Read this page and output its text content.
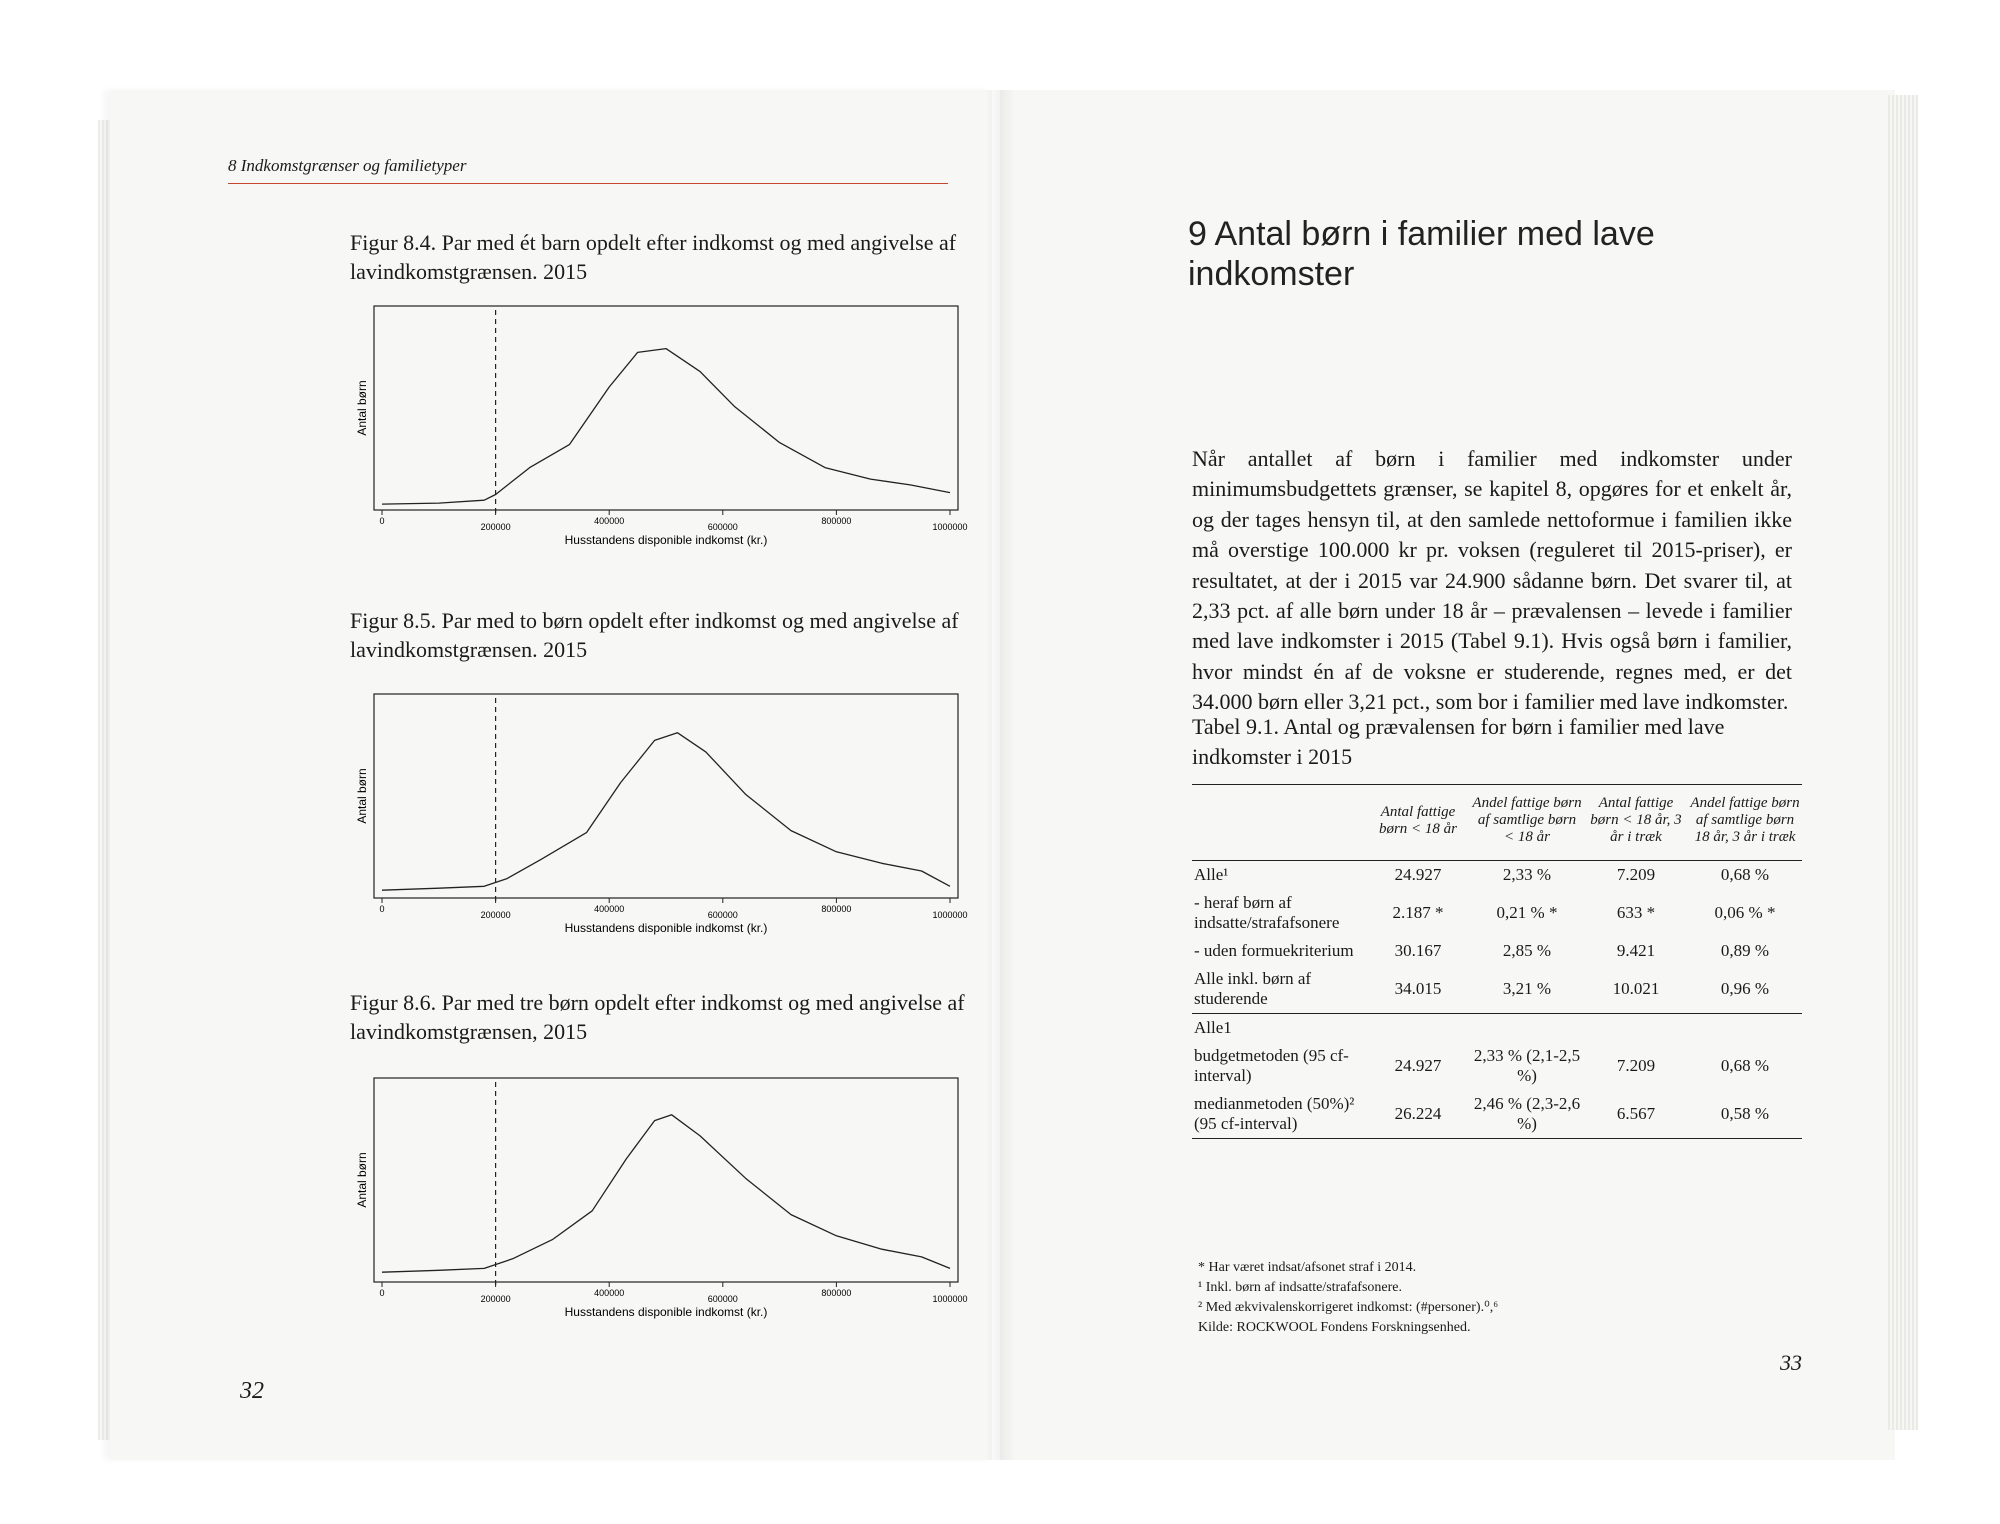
8 Indkomstgrænser og familietyper
Figur 8.4. Par med ét barn opdelt efter indkomst og med angivelse af lavindkomstgrænsen. 2015
Antal børn
0
200000
400000
600000
800000
1000000
Husstandens disponible indkomst (kr.)
Figur 8.5. Par med to børn opdelt efter indkomst og med angivelse af lavindkomstgrænsen. 2015
Antal børn
0
200000
400000
600000
800000
1000000
Husstandens disponible indkomst (kr.)
Figur 8.6. Par med tre børn opdelt efter indkomst og med angivelse af lavindkomstgrænsen, 2015
Antal børn
0
200000
400000
600000
800000
1000000
Husstandens disponible indkomst (kr.)
32
9 Antal børn i familier med lave indkomster
Når antallet af børn i familier med indkomster under minimumsbudgettets grænser, se kapitel 8, opgøres for et enkelt år, og der tages hensyn til, at den samlede nettoformue i familien ikke må overstige 100.000 kr pr. voksen (reguleret til 2015-priser), er resultatet, at der i 2015 var 24.900 sådanne børn. Det svarer til, at 2,33 pct. af alle børn under 18 år – prævalensen – levede i familier med lave indkomster i 2015 (Tabel 9.1). Hvis også børn i familier, hvor mindst én af de voksne er studerende, regnes med, er det 34.000 børn eller 3,21 pct., som bor i familier med lave indkomster.
Tabel 9.1. Antal og prævalensen for børn i familier med lave indkomster i 2015
	Antal fattige børn < 18 år	Andel fattige børn af samtlige børn < 18 år	Antal fattige børn < 18 år, 3 år i træk	Andel fattige børn af samtlige børn 18 år, 3 år i træk
Alle¹	24.927	2,33 %	7.209	0,68 %
- heraf børn af indsatte/strafafsonere	2.187 *	0,21 % *	633 *	0,06 % *
- uden formuekriterium	30.167	2,85 %	9.421	0,89 %
Alle inkl. børn af studerende	34.015	3,21 %	10.021	0,96 %
Alle1				
budgetmetoden (95 cf-interval)	24.927	2,33 % (2,1-2,5 %)	7.209	0,68 %
medianmetoden (50%)² (95 cf-interval)	26.224	2,46 % (2,3-2,6 %)	6.567	0,58 %
* Har været indsat/afsonet straf i 2014.
¹ Inkl. børn af indsatte/strafafsonere.
² Med ækvivalenskorrigeret indkomst: (#personer).⁰,⁶
Kilde: ROCKWOOL Fondens Forskningsenhed.
33
